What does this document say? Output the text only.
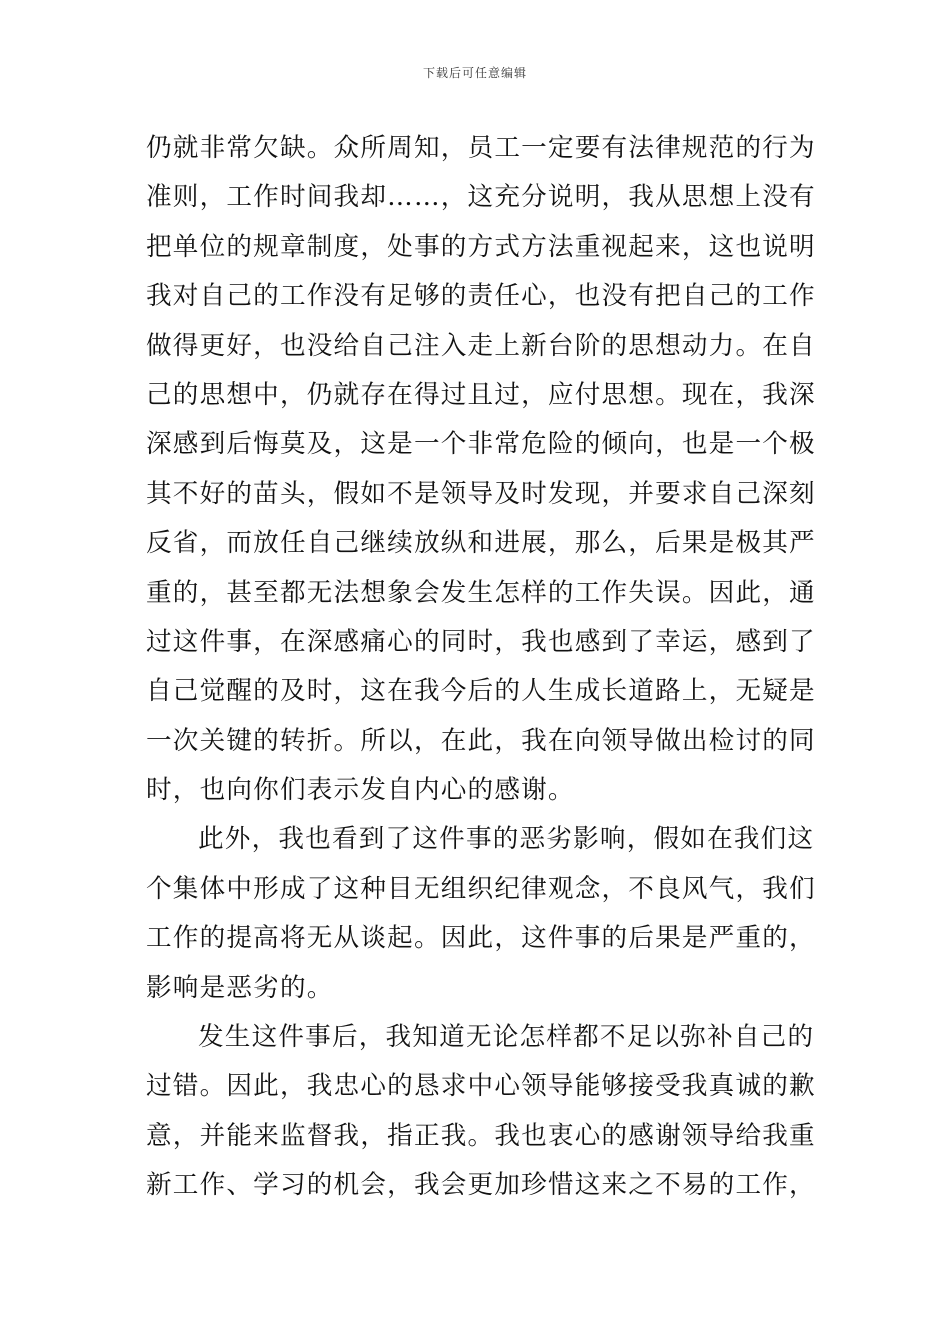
下载后可任意编辑

仍就非常欠缺。众所周知，员工一定要有法律规范的行为
准则，工作时间我却……，这充分说明，我从思想上没有
把单位的规章制度，处事的方式方法重视起来，这也说明
我对自己的工作没有足够的责任心，也没有把自己的工作
做得更好，也没给自己注入走上新台阶的思想动力。在自
己的思想中，仍就存在得过且过，应付思想。现在，我深
深感到后悔莫及，这是一个非常危险的倾向，也是一个极
其不好的苗头，假如不是领导及时发现，并要求自己深刻
反省，而放任自己继续放纵和进展，那么，后果是极其严
重的，甚至都无法想象会发生怎样的工作失误。因此，通
过这件事，在深感痛心的同时，我也感到了幸运，感到了
自己觉醒的及时，这在我今后的人生成长道路上，无疑是
一次关键的转折。所以，在此，我在向领导做出检讨的同
时，也向你们表示发自内心的感谢。

此外，我也看到了这件事的恶劣影响，假如在我们这
个集体中形成了这种目无组织纪律观念，不良风气，我们
工作的提高将无从谈起。因此，这件事的后果是严重的，
影响是恶劣的。

发生这件事后，我知道无论怎样都不足以弥补自己的
过错。因此，我忠心的恳求中心领导能够接受我真诚的歉
意，并能来监督我，指正我。我也衷心的感谢领导给我重
新工作、学习的机会，我会更加珍惜这来之不易的工作，
